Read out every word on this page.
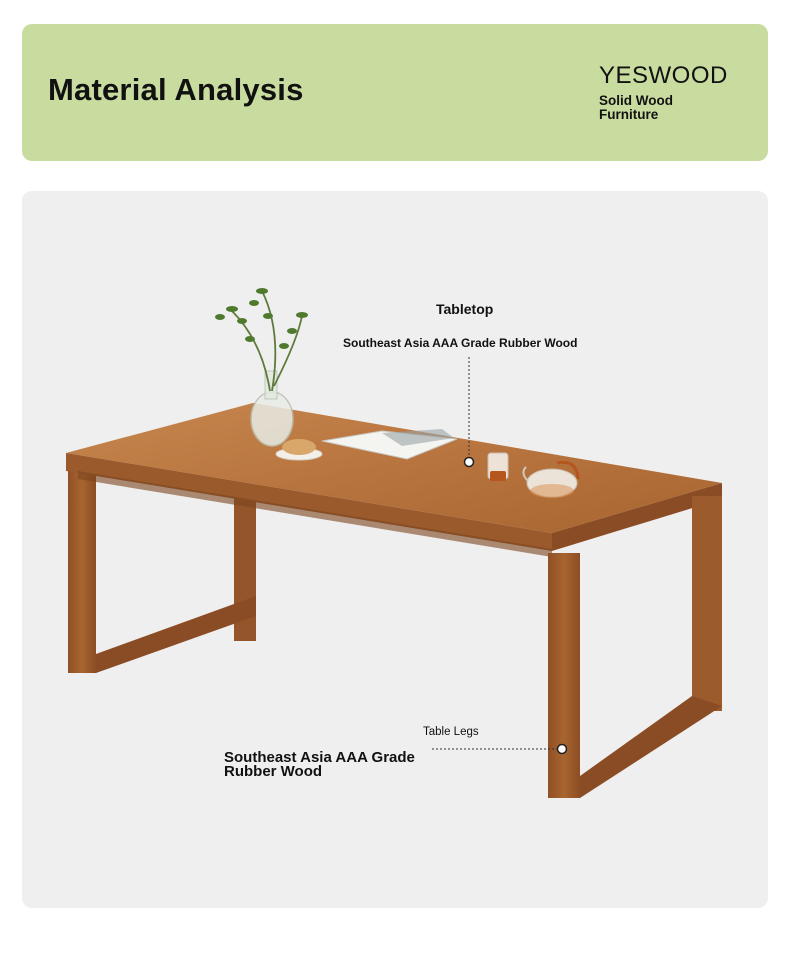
Material Analysis	YESWOOD
Solid Wood
Furniture
Tabletop
Southeast Asia AAA Grade Rubber Wood
Table Legs
Southeast Asia AAA Grade
Rubber Wood
